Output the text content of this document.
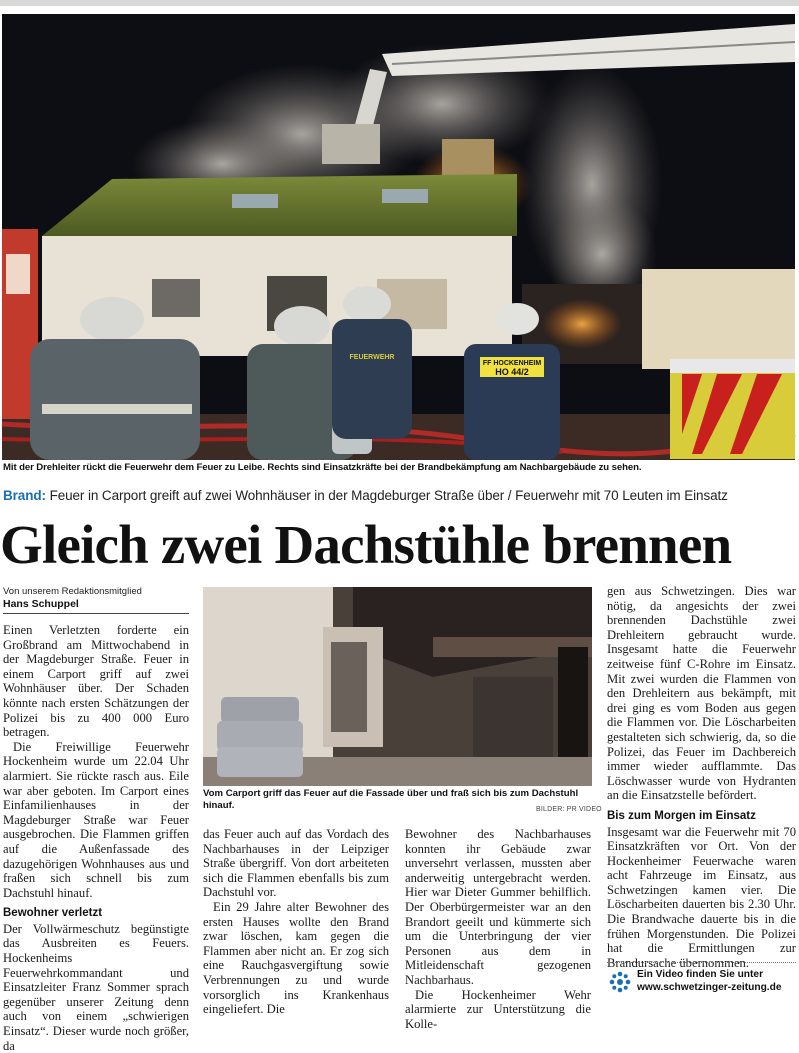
FF HOCKENHEIM
HO 44/2
FEUERWEHR
Mit der Drehleiter rückt die Feuerwehr dem Feuer zu Leibe. Rechts sind Einsatzkräfte bei der Brandbekämpfung am Nachbargebäude zu sehen.
Brand: Feuer in Carport greift auf zwei Wohnhäuser in der Magdeburger Straße über / Feuerwehr mit 70 Leuten im Einsatz
Gleich zwei Dachstühle brennen
Von unserem Redaktionsmitglied
Hans Schuppel

Einen Verletzten forderte ein Großbrand am Mittwochabend in der Magdeburger Straße. Feuer in einem Carport griff auf zwei Wohnhäuser über. Der Schaden könnte nach ersten Schätzungen der Polizei bis zu 400 000 Euro betragen.

Die Freiwillige Feuerwehr Hockenheim wurde um 22.04 Uhr alarmiert. Sie rückte rasch aus. Eile war aber geboten. Im Carport eines Einfamilienhauses in der Magdeburger Straße war Feuer ausgebrochen. Die Flammen griffen auf die Außenfassade des dazugehörigen Wohnhauses aus und fraßen sich schnell bis zum Dachstuhl hinauf.

Bewohner verletzt

Der Vollwärmeschutz begünstigte das Ausbreiten es Feuers. Hockenheims Feuerwehrkommandant und Einsatzleiter Franz Sommer sprach gegenüber unserer Zeitung denn auch von einem „schwierigen Einsatz“. Dieser wurde noch größer, da

Vom Carport griff das Feuer auf die Fassade über und fraß sich bis zum Dachstuhl hinauf.	BILDER: PR VIDEO

das Feuer auch auf das Vordach des Nachbarhauses in der Leipziger Straße übergriff. Von dort arbeiteten sich die Flammen ebenfalls bis zum Dachstuhl vor.

Ein 29 Jahre alter Bewohner des ersten Hauses wollte den Brand zwar löschen, kam gegen die Flammen aber nicht an. Er zog sich eine Rauchgasvergiftung sowie Verbrennungen zu und wurde vorsorglich ins Krankenhaus eingeliefert. Die

Bewohner des Nachbarhauses konnten ihr Gebäude zwar unversehrt verlassen, mussten aber anderweitig untergebracht werden. Hier war Dieter Gummer behilflich. Der Oberbürgermeister war an den Brandort geeilt und kümmerte sich um die Unterbringung der vier Personen aus dem in Mitleidenschaft gezogenen Nachbarhaus.

Die Hockenheimer Wehr alarmierte zur Unterstützung die Kolle-

gen aus Schwetzingen. Dies war nötig, da angesichts der zwei brennenden Dachstühle zwei Drehleitern gebraucht wurde. Insgesamt hatte die Feuerwehr zeitweise fünf C-Rohre im Einsatz. Mit zwei wurden die Flammen von den Drehleitern aus bekämpft, mit drei ging es vom Boden aus gegen die Flammen vor. Die Löscharbeiten gestalteten sich schwierig, da, so die Polizei, das Feuer im Dachbereich immer wieder aufflammte. Das Löschwasser wurde von Hydranten an die Einsatzstelle befördert.

Bis zum Morgen im Einsatz

Insgesamt war die Feuerwehr mit 70 Einsatzkräften vor Ort. Von der Hockenheimer Feuerwache waren acht Fahrzeuge im Einsatz, aus Schwetzingen kamen vier. Die Löscharbeiten dauerten bis 2.30 Uhr. Die Brandwache dauerte bis in die frühen Morgenstunden. Die Polizei hat die Ermittlungen zur Brandursache übernommen.

Ein Video finden Sie unter
www.schwetzinger-zeitung.de
